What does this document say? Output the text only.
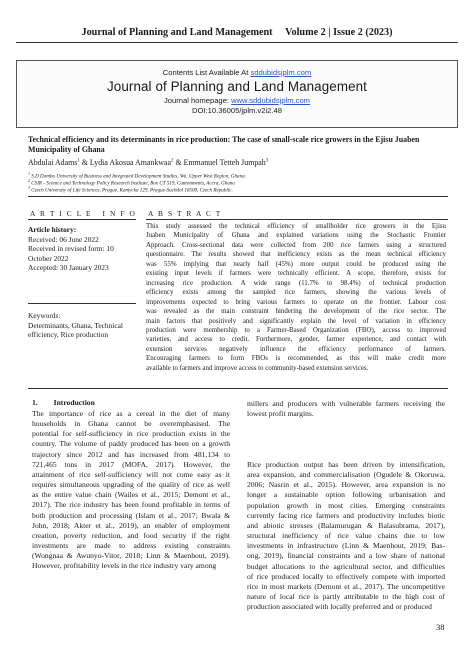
Journal of Planning and Land Management     Volume 2 | Issue 2 (2023)
Contents List Available At sddubidsjplm.com
Journal of Planning and Land Management
Journal homepage: www.sddubidsjplm.com
DOI:10.36005/jplm.v2i2.48
Technical efficiency and its determinants in rice production: The case of small-scale rice growers in the Ejisu Juaben Municipality of Ghana
Abdulai Adams$^1$ & Lydia Akosua Amankwaa$^2$ & Emmanuel Tetteh Jumpah$^3$
$^1$ S.D Dombo University of Business and Integrated Development Studies, Wa, Upper West Region, Ghana.
$^2$ CSIR - Science and Technology Policy Research Institute, Box CT 519, Cantonments, Accra, Ghana
$^3$ Czech University of Life Sciences, Prague, Kamycka 129, Prague-Suchdol 16500, Czech Republic.
A R T I C L E   I N F O A B S T R A C T
Article history:
Received: 06 June 2022
Received in revised form: 10
October 2022
Accepted: 30 January 2023
Keywords:
Determinants, Ghana, Technical
efficiency, Rice production
This study assessed the technical efficiency of smallholder rice growers in the Ejisu
Juaben Municipality of Ghana and explained variations using the Stochastic Frontier
Approach. Cross-sectional data were collected from 200 rice farmers using a structured
questionnaire. The results showed that inefficiency exists as the mean technical efficiency
was 55% implying that nearly half (45%) more output could be produced using the
existing input levels if farmers were technically efficient. A scope, therefore, exists for
increasing rice production. A wide range (11.7% to 98.4%) of technical production
efficiency exists among the sampled rice farmers, showing the various levels of
improvements expected to bring various farmers to operate on the frontier. Labour cost
was revealed as the main constraint hindering the development of the rice sector. The
main factors that positively and significantly explain the level of variation in efficiency
production were membership to a Farmer-Based Organization (FBO), access to improved
varieties, and access to credit. Furthermore, gender, farmer experience, and contact with
extension services negatively influence the efficiency performance of farmers.
Encouraging farmers to form FBOs is recommended, as this will make credit more
available to farmers and improve access to community-based extension services.
1. Introduction
The importance of rice as a cereal in the diet of many
households in Ghana cannot be overemphasised. The
potential for self-sufficiency in rice production exists in the
country. The volume of paddy produced has been on a growth
trajectory since 2012 and has increased from 481,134 to
721,465 tons in 2017 (MOFA, 2017). However, the
attainment of rice self-sufficiency will not come easy as it
requires simultaneous upgrading of the quality of rice as well
as the entire value chain (Wailes et al., 2015; Demont et al.,
2017). The rice industry has been found profitable in terms of
both production and processing (Islam et al., 2017; Bwala &
John, 2018; Akter et al., 2019), an enabler of employment
creation, poverty reduction, and food security if the right
investments are made to address existing constraints
(Wongnaa & Awunyo-Vitor, 2018; Linn & Maenhout, 2019).
However, profitability levels in the rice industry vary among
millers and producers with vulnerable farmers receiving the
lowest profit margins.
Rice production output has been driven by intensification,
area expansion, and commercialisation (Ogudele & Okoruwa,
2006; Nasrin et al., 2015). However, area expansion is no
longer a sustainable option following urbanisation and
population growth in most cities. Emerging constraints
currently facing rice farmers and productivity includes biotic
and abiotic stresses (Balamurugan & Balasubrama, 2017),
structural inefficiency of rice value chains due to low
investments in infrastructure (Linn & Maenhout, 2019; Bas-
ong, 2019), financial constraints and a low share of national
budget allocations to the agricultural sector, and difficulties
of rice produced locally to effectively compete with imported
rice in most markets (Demont et al., 2017). The uncompetitive
nature of local rice is partly attributable to the high cost of
production associated with locally preferred and or produced
38
